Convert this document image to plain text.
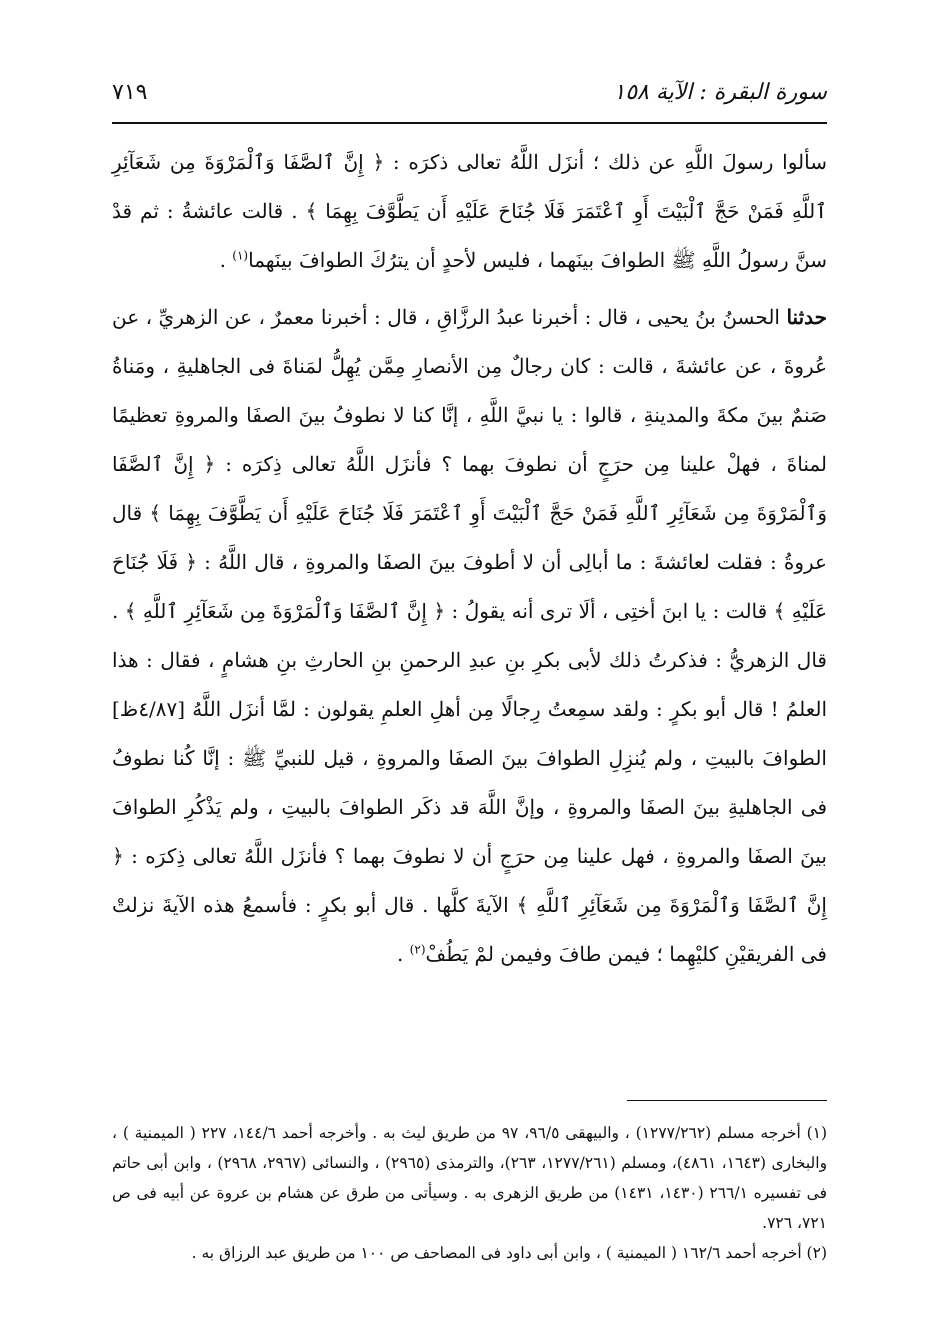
سورة البقرة : الآية ١٥٨
٧١٩

سألوا رسولَ اللَّهِ عن ذلك ؛ أنزَل اللَّهُ تعالى ذكرَه : ﴿ إِنَّ ٱلصَّفَا وَٱلْمَرْوَةَ مِن شَعَآئِرِ ٱللَّهِ فَمَنْ حَجَّ ٱلْبَيْتَ أَوِ ٱعْتَمَرَ فَلَا جُنَاحَ عَلَيْهِ أَن يَطَّوَّفَ بِهِمَا ﴾ . قالت عائشةُ : ثم قدْ سنَّ رسولُ اللَّهِ ﷺ الطوافَ بينَهما ، فليس لأحدٍ أن يترُكَ الطوافَ بينَهما$^{(١)}$ .

حدثنا الحسنُ بنُ يحيى ، قال : أخبرنا عبدُ الرزَّاقِ ، قال : أخبرنا معمرٌ ، عن الزهريِّ ، عن عُروةَ ، عن عائشةَ ، قالت : كان رجالٌ مِن الأنصارِ مِمَّن يُهِلُّ لمَناةَ فى الجاهليةِ ، ومَناةُ صَنمٌ بينَ مكةَ والمدينةِ ، قالوا : يا نبيَّ اللَّهِ ، إنَّا كنا لا نطوفُ بينَ الصفَا والمروةِ تعظيمًا لمناةَ ، فهلْ علينا مِن حرَجٍ أن نطوفَ بهما ؟ فأنزَل اللَّهُ تعالى ذِكرَه : ﴿ إِنَّ ٱلصَّفَا وَٱلْمَرْوَةَ مِن شَعَآئِرِ ٱللَّهِ فَمَنْ حَجَّ ٱلْبَيْتَ أَوِ ٱعْتَمَرَ فَلَا جُنَاحَ عَلَيْهِ أَن يَطَّوَّفَ بِهِمَا ﴾ قال عروةُ : فقلت لعائشةَ : ما أبالِى أن لا أطوفَ بينَ الصفَا والمروةِ ، قال اللَّهُ : ﴿ فَلَا جُنَاحَ عَلَيْهِ ﴾ قالت : يا ابنَ أختِى ، ألَا ترى أنه يقولُ : ﴿ إِنَّ ٱلصَّفَا وَٱلْمَرْوَةَ مِن شَعَآئِرِ ٱللَّهِ ﴾ . قال الزهريُّ : فذكرتُ ذلك لأبى بكرِ بنِ عبدِ الرحمنِ بنِ الحارثِ بنِ هشامٍ ، فقال : هذا العلمُ ! قال أبو بكرٍ : ولقد سمِعتُ رِجالًا مِن أهلِ العلمِ يقولون : لمَّا أنزَل اللَّهُ [٤/٨٧ظ] الطوافَ بالبيتِ ، ولم يُنزِلِ الطوافَ بينَ الصفَا والمروةِ ، قيل للنبيِّ ﷺ : إنَّا كُنا نطوفُ فى الجاهليةِ بينَ الصفَا والمروةِ ، وإنَّ اللَّهَ قد ذكَر الطوافَ بالبيتِ ، ولم يَذْكُرِ الطوافَ بينَ الصفَا والمروةِ ، فهل علينا مِن حرَجٍ أن لا نطوفَ بهما ؟ فأنزَل اللَّهُ تعالى ذِكرَه : ﴿ إِنَّ ٱلصَّفَا وَٱلْمَرْوَةَ مِن شَعَآئِرِ ٱللَّهِ ﴾ الآيةَ كلَّها . قال أبو بكرٍ : فأسمعُ هذه الآيةَ نزلتْ فى الفريقيْنِ كليْهِما ؛ فيمن طافَ وفيمن لمْ يَطُفْ$^{(٢)}$ .

(١) أخرجه مسلم (١٢٧٧/٢٦٢) ، والبيهقى ٩٦/٥، ٩٧ من طريق ليث به . وأخرجه أحمد ١٤٤/٦، ٢٢٧ ( الميمنية ) ، والبخارى (١٦٤٣، ٤٨٦١)، ومسلم (١٢٧٧/٢٦١، ٢٦٣)، والترمذى (٢٩٦٥) ، والنسائى (٢٩٦٧، ٢٩٦٨) ، وابن أبى حاتم فى تفسيره ٢٦٦/١ (١٤٣٠، ١٤٣١) من طريق الزهرى به . وسيأتى من طرق عن هشام بن عروة عن أبيه فى ص ٧٢١، ٧٢٦.

(٢) أخرجه أحمد ١٦٢/٦ ( الميمنية ) ، وابن أبى داود فى المصاحف ص ١٠٠ من طريق عبد الرزاق به .
